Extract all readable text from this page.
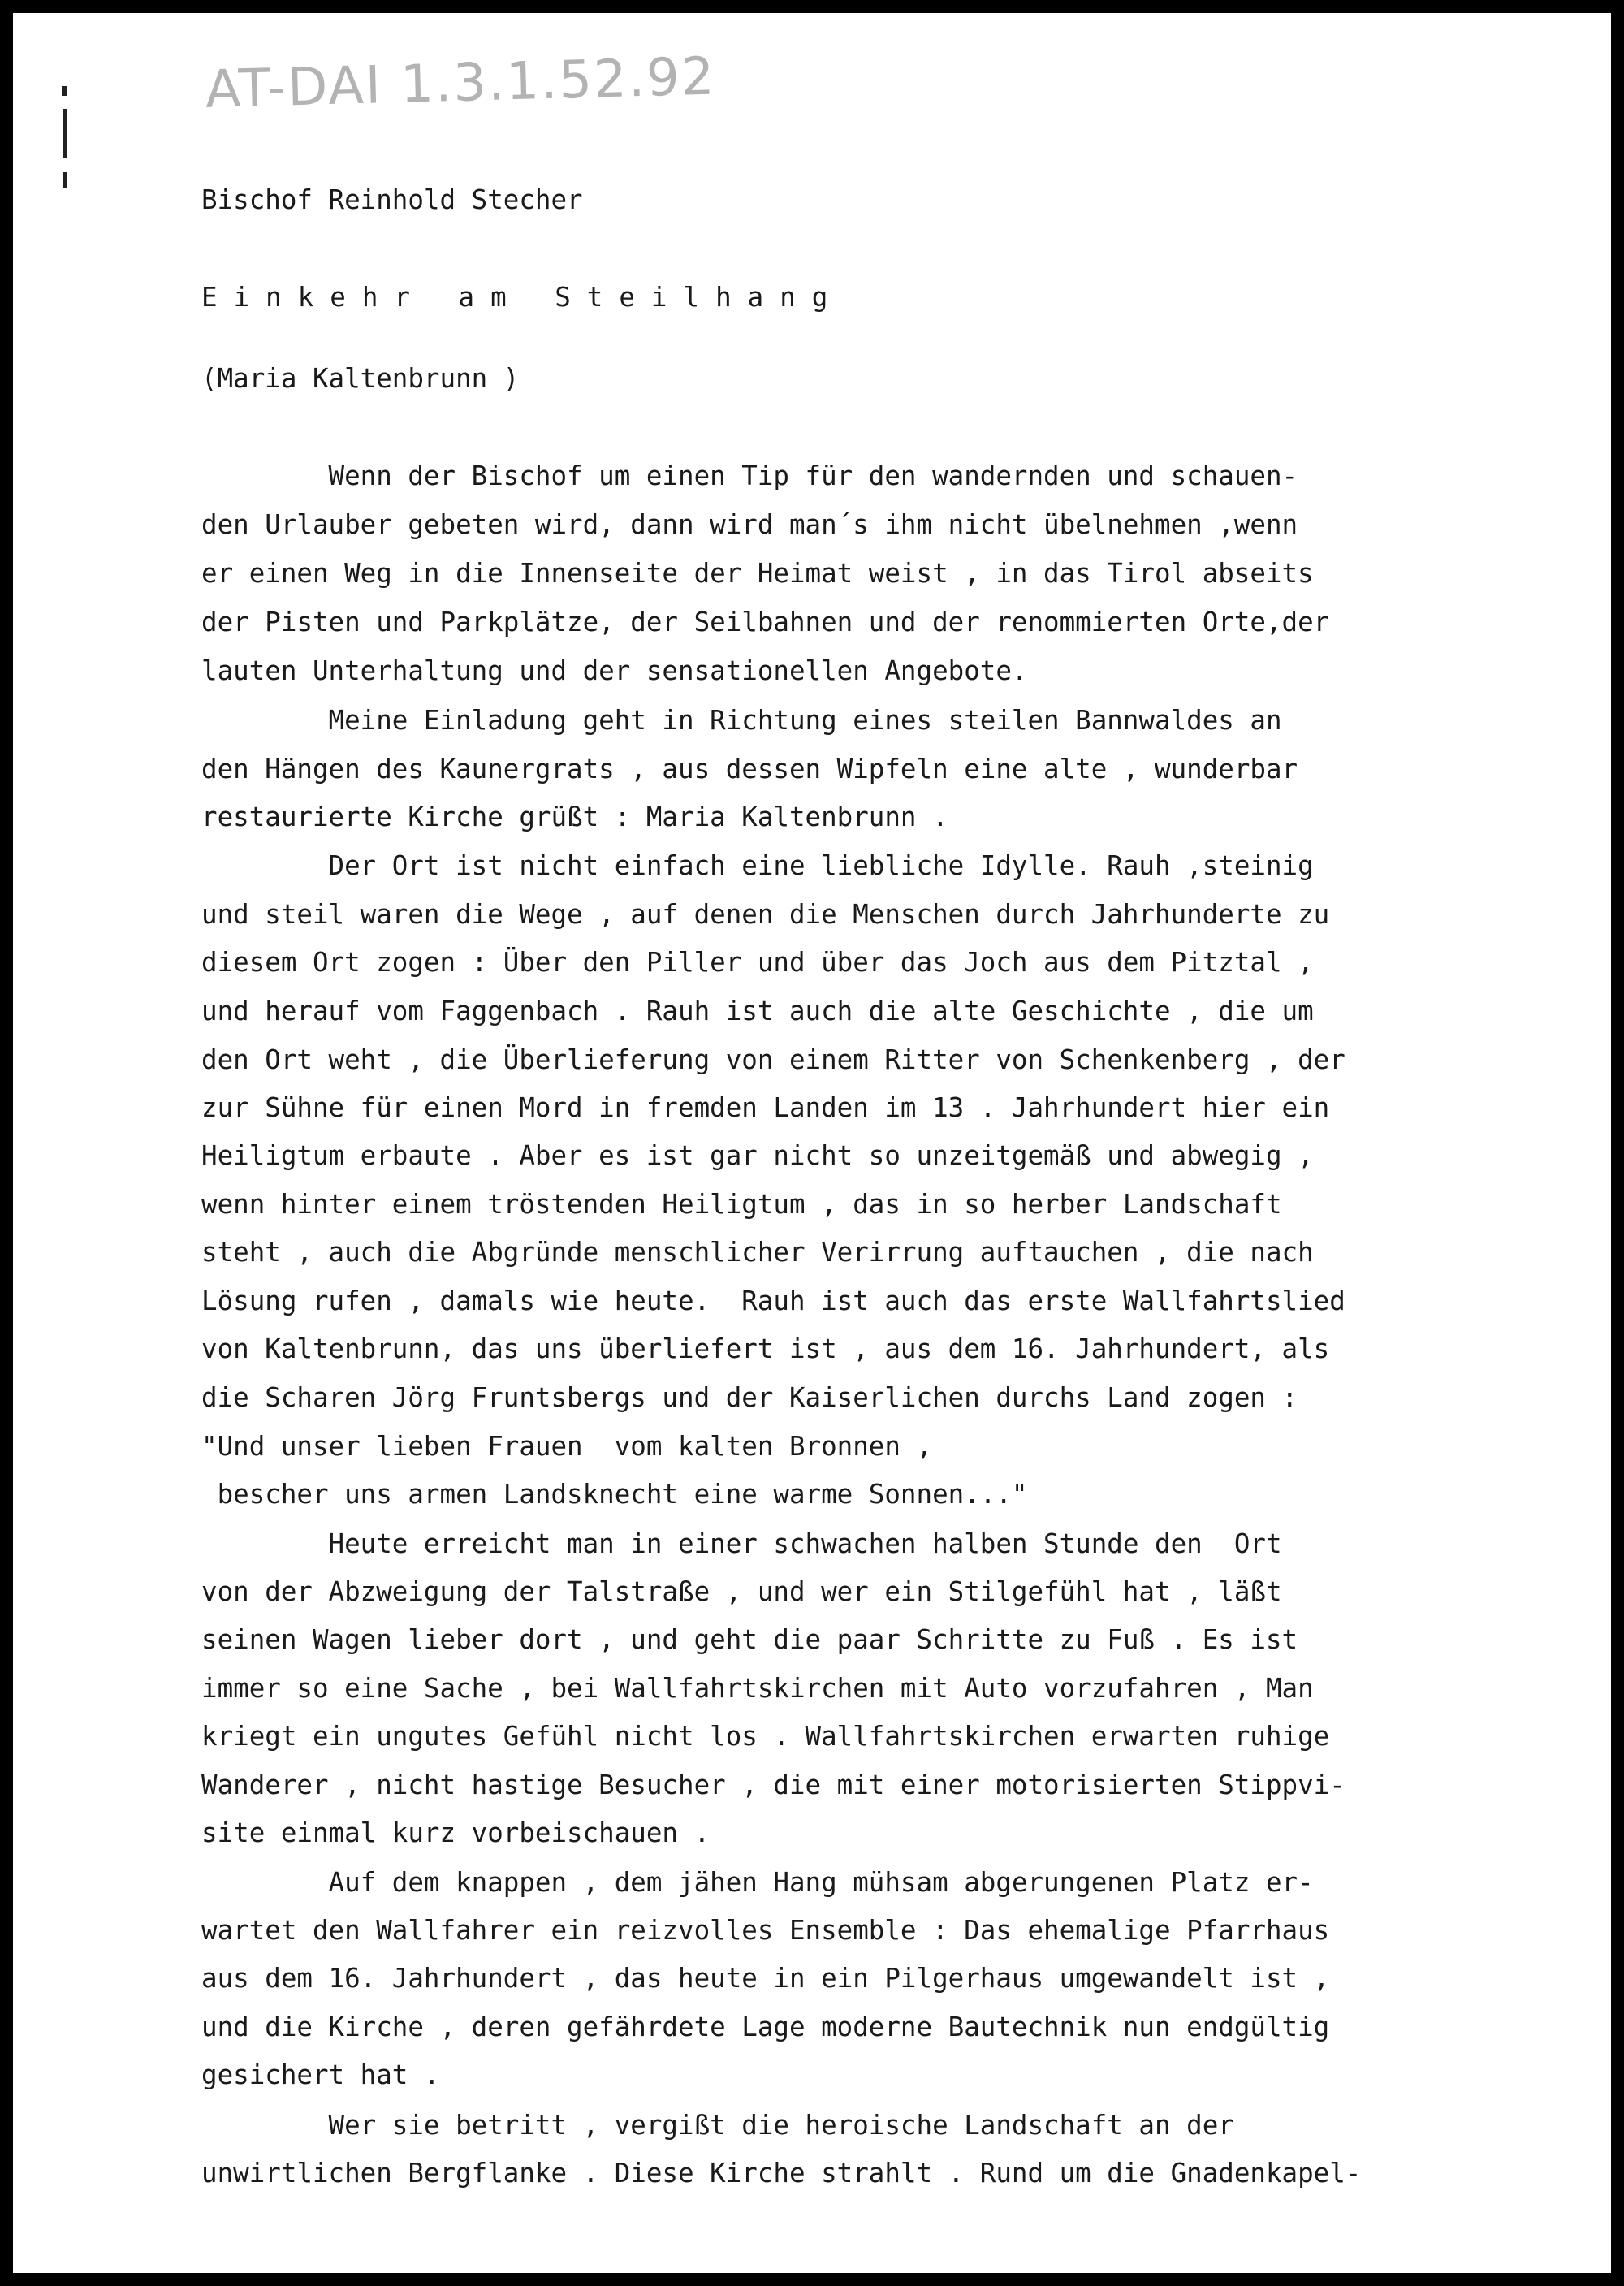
AT-DAI 1.3.1.52.92

Bischof Reinhold Stecher

Einkehr am Steilhang

(Maria Kaltenbrunn )

Wenn der Bischof um einen Tip für den wandernden und schauen-

den Urlauber gebeten wird, dann wird man´s ihm nicht übelnehmen ,wenn

er einen Weg in die Innenseite der Heimat weist , in das Tirol abseits

der Pisten und Parkplätze, der Seilbahnen und der renommierten Orte,der

lauten Unterhaltung und der sensationellen Angebote.

Meine Einladung geht in Richtung eines steilen Bannwaldes an

den Hängen des Kaunergrats , aus dessen Wipfeln eine alte , wunderbar

restaurierte Kirche grüßt : Maria Kaltenbrunn .

Der Ort ist nicht einfach eine liebliche Idylle. Rauh ,steinig

und steil waren die Wege , auf denen die Menschen durch Jahrhunderte zu

diesem Ort zogen : Über den Piller und über das Joch aus dem Pitztal ,

und herauf vom Faggenbach . Rauh ist auch die alte Geschichte , die um

den Ort weht , die Überlieferung von einem Ritter von Schenkenberg , der

zur Sühne für einen Mord in fremden Landen im 13 . Jahrhundert hier ein

Heiligtum erbaute . Aber es ist gar nicht so unzeitgemäß und abwegig ,

wenn hinter einem tröstenden Heiligtum , das in so herber Landschaft

steht , auch die Abgründe menschlicher Verirrung auftauchen , die nach

Lösung rufen , damals wie heute.  Rauh ist auch das erste Wallfahrtslied

von Kaltenbrunn, das uns überliefert ist , aus dem 16. Jahrhundert, als

die Scharen Jörg Fruntsbergs und der Kaiserlichen durchs Land zogen :

"Und unser lieben Frauen  vom kalten Bronnen ,

bescher uns armen Landsknecht eine warme Sonnen..."

Heute erreicht man in einer schwachen halben Stunde den  Ort

von der Abzweigung der Talstraße , und wer ein Stilgefühl hat , läßt

seinen Wagen lieber dort , und geht die paar Schritte zu Fuß . Es ist

immer so eine Sache , bei Wallfahrtskirchen mit Auto vorzufahren , Man

kriegt ein ungutes Gefühl nicht los . Wallfahrtskirchen erwarten ruhige

Wanderer , nicht hastige Besucher , die mit einer motorisierten Stippvi-

site einmal kurz vorbeischauen .

Auf dem knappen , dem jähen Hang mühsam abgerungenen Platz er-

wartet den Wallfahrer ein reizvolles Ensemble : Das ehemalige Pfarrhaus

aus dem 16. Jahrhundert , das heute in ein Pilgerhaus umgewandelt ist ,

und die Kirche , deren gefährdete Lage moderne Bautechnik nun endgültig

gesichert hat .

Wer sie betritt , vergißt die heroische Landschaft an der

unwirtlichen Bergflanke . Diese Kirche strahlt . Rund um die Gnadenkapel-
